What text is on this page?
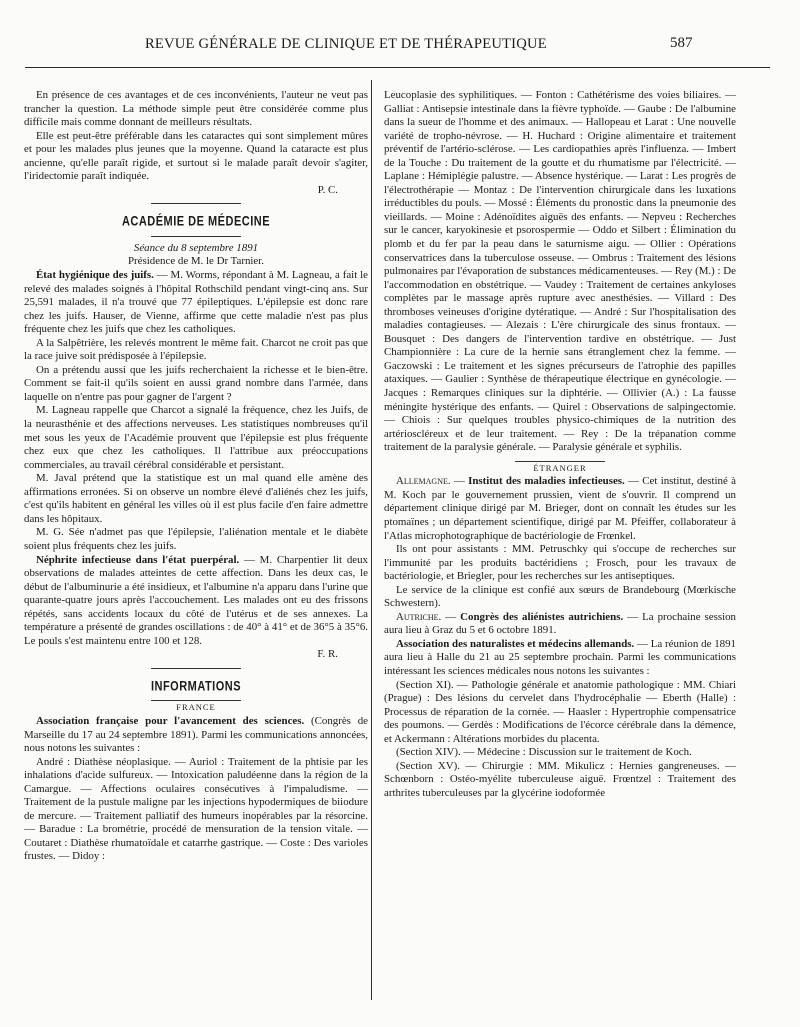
REVUE GÉNÉRALE DE CLINIQUE ET DE THÉRAPEUTIQUE	587

En présence de ces avantages et de ces inconvénients, l'auteur ne veut pas trancher la question. La méthode simple peut être considérée comme plus difficile mais comme donnant de meilleurs résultats.

Elle est peut-être préférable dans les cataractes qui sont simplement mûres et pour les malades plus jeunes que la moyenne. Quand la cataracte est plus ancienne, qu'elle paraît rigide, et surtout si le malade paraît devoir s'agiter, l'iridectomie paraît indiquée.

P. C.

ACADÉMIE DE MÉDECINE

Séance du 8 septembre 1891

Présidence de M. le Dr Tarnier.

État hygiénique des juifs. — M. Worms, répondant à M. Lagneau, a fait le relevé des malades soignés à l'hôpital Rothschild pendant vingt-cinq ans. Sur 25,591 malades, il n'a trouvé que 77 épileptiques. L'épilepsie est donc rare chez les juifs. Hauser, de Vienne, affirme que cette maladie n'est pas plus fréquente chez les juifs que chez les catholiques.

A la Salpêtrière, les relevés montrent le même fait. Charcot ne croit pas que la race juive soit prédisposée à l'épilepsie.

On a prétendu aussi que les juifs recherchaient la richesse et le bien-être. Comment se fait-il qu'ils soient en aussi grand nombre dans l'armée, dans laquelle on n'entre pas pour gagner de l'argent ?

M. Lagneau rappelle que Charcot a signalé la fréquence, chez les Juifs, de la neurasthénie et des affections nerveuses. Les statistiques nombreuses qu'il met sous les yeux de l'Académie prouvent que l'épilepsie est plus fréquente chez eux que chez les catholiques. Il l'attribue aux préoccupations commerciales, au travail cérébral considérable et persistant.

M. Javal prétend que la statistique est un mal quand elle amène des affirmations erronées. Si on observe un nombre élevé d'aliénés chez les juifs, c'est qu'ils habitent en général les villes où il est plus facile d'en faire admettre dans les hôpitaux.

M. G. Sée n'admet pas que l'épilepsie, l'aliénation mentale et le diabète soient plus fréquents chez les juifs.

Néphrite infectieuse dans l'état puerpéral. — M. Charpentier lit deux observations de malades atteintes de cette affection. Dans les deux cas, le début de l'albuminurie a été insidieux, et l'albumine n'a apparu dans l'urine que quarante-quatre jours après l'accouchement. Les malades ont eu des frissons répétés, sans accidents locaux du côté de l'utérus et de ses annexes. La température a présenté de grandes oscillations : de 40° à 41° et de 36°5 à 35°6. Le pouls s'est maintenu entre 100 et 128.

F. R.

INFORMATIONS

FRANCE

Association française pour l'avancement des sciences. (Congrès de Marseille du 17 au 24 septembre 1891). Parmi les communications annoncées, nous notons les suivantes :

André : Diathèse néoplasique. — Auriol : Traitement de la phtisie par les inhalations d'acide sulfureux. — Intoxication paludéenne dans la région de la Camargue. — Affections oculaires consécutives à l'impaludisme. — Traitement de la pustule maligne par les injections hypodermiques de biiodure de mercure. — Traitement palliatif des humeurs inopérables par la résorcine. — Baradue : La brométrie, procédé de mensuration de la tension vitale. — Coutaret : Diathèse rhumatoïdale et catarrhe gastrique. — Coste : Des varioles frustes. — Didoy :

Leucoplasie des syphilitiques. — Fonton : Cathétérisme des voies biliaires. — Galliat : Antisepsie intestinale dans la fièvre typhoïde. — Gaube : De l'albumine dans la sueur de l'homme et des animaux. — Hallopeau et Larat : Une nouvelle variété de tropho-névrose. — H. Huchard : Origine alimentaire et traitement préventif de l'artério-sclérose. — Les cardiopathies après l'influenza. — Imbert de la Touche : Du traitement de la goutte et du rhumatisme par l'électricité. — Laplane : Hémiplégie palustre. — Absence hystérique. — Larat : Les progrès de l'électrothérapie — Montaz : De l'intervention chirurgicale dans les luxations irréductibles du pouls. — Mossé : Éléments du pronostic dans la pneumonie des vieillards. — Moine : Adénoïdites aiguës des enfants. — Nepveu : Recherches sur le cancer, karyokinesie et psorospermie — Oddo et Silbert : Élimination du plomb et du fer par la peau dans le saturnisme aigu. — Ollier : Opérations conservatrices dans la tuberculose osseuse. — Ombrus : Traitement des lésions pulmonaires par l'évaporation de substances médicamenteuses. — Rey (M.) : De l'accommodation en obstétrique. — Vaudey : Traitement de certaines ankyloses complètes par le massage après rupture avec anesthésies. — Villard : Des thromboses veineuses d'origine dytératique. — André : Sur l'hospitalisation des maladies contagieuses. — Alezais : L'ère chirurgicale des sinus frontaux. — Bousquet : Des dangers de l'intervention tardive en obstétrique. — Just Championnière : La cure de la hernie sans étranglement chez la femme. — Gaczowski : Le traitement et les signes précurseurs de l'atrophie des papilles ataxiques. — Gaulier : Synthèse de thérapeutique électrique en gynécologie. — Jacques : Remarques cliniques sur la diphtérie. — Ollivier (A.) : La fausse méningite hystérique des enfants. — Quirel : Observations de salpingectomie. — Chiois : Sur quelques troubles physico-chimiques de la nutrition des artérioscléreux et de leur traitement. — Rey : De la trépanation comme traitement de la paralysie générale. — Paralysie générale et syphilis.

ÉTRANGER

Allemagne. — Institut des maladies infectieuses. — Cet institut, destiné à M. Koch par le gouvernement prussien, vient de s'ouvrir. Il comprend un département clinique dirigé par M. Brieger, dont on connaît les études sur les ptomaïnes ; un département scientifique, dirigé par M. Pfeiffer, collaborateur à l'Atlas microphotographique de bactériologie de Frœnkel.

Ils ont pour assistants : MM. Petruschky qui s'occupe de recherches sur l'immunité par les produits bactéridiens ; Frosch, pour les travaux de bactériologie, et Briegler, pour les recherches sur les antiseptiques.

Le service de la clinique est confié aux sœurs de Brandebourg (Mœrkische Schwestern).

Autriche. — Congrès des aliénistes autrichiens. — La prochaine session aura lieu à Graz du 5 et 6 octobre 1891.

Association des naturalistes et médecins allemands. — La réunion de 1891 aura lieu à Halle du 21 au 25 septembre prochain. Parmi les communications intéressant les sciences médicales nous notons les suivantes :

(Section XI). — Pathologie générale et anatomie pathologique : MM. Chiari (Prague) : Des lésions du cervelet dans l'hydrocéphalie — Eberth (Halle) : Processus de réparation de la cornée. — Haasler : Hypertrophie compensatrice des poumons. — Gerdès : Modifications de l'écorce cérébrale dans la démence, et Ackermann : Altérations morbides du placenta.

(Section XIV). — Médecine : Discussion sur le traitement de Koch.

(Section XV). — Chirurgie : MM. Mikulicz : Hernies gangreneuses. — Schœnborn : Ostéo-myélite tuberculeuse aiguë. Frœntzel : Traitement des arthrites tuberculeuses par la glycérine iodoformée
